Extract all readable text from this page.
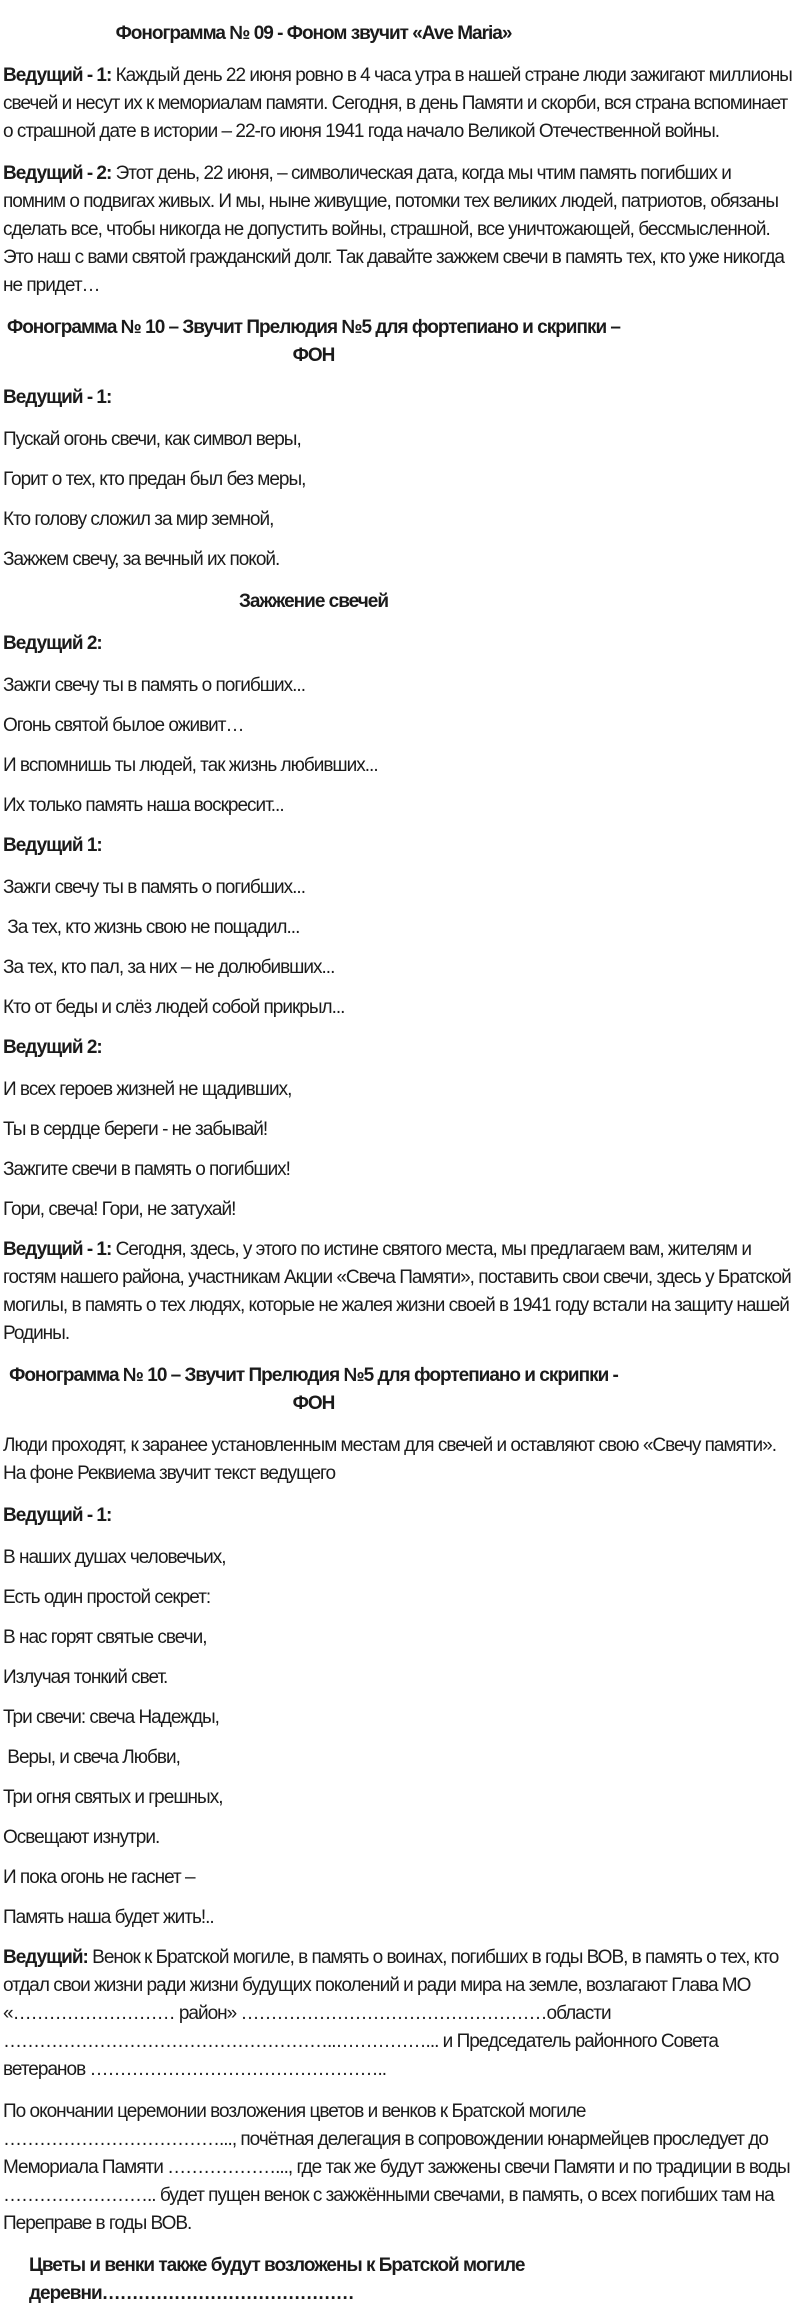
Фонограмма № 09 - Фоном звучит «Ave Maria»

Ведущий - 1: Каждый день 22 июня ровно в 4 часа утра в нашей стране люди зажигают миллионы свечей и несут их к мемориалам памяти. Сегодня, в день Памяти и скорби, вся страна вспоминает о страшной дате в истории – 22-го июня 1941 года начало Великой Отечественной войны.

Ведущий - 2: Этот день, 22 июня, – символическая дата, когда мы чтим память погибших и помним о подвигах живых. И мы, ныне живущие, потомки тех великих людей, патриотов, обязаны сделать все, чтобы никогда не допустить войны, страшной, все уничтожающей, бессмысленной. Это наш с вами святой гражданский долг. Так давайте зажжем свечи в память тех, кто уже никогда не придет…

Фонограмма № 10 – Звучит Прелюдия №5 для фортепиано и скрипки – ФОН

Ведущий - 1:

Пускай огонь свечи, как символ веры,

Горит о тех, кто предан был без меры,

Кто голову сложил за мир земной,

Зажжем свечу, за вечный их покой.

Зажжение свечей

Ведущий 2:

Зажги свечу ты в память о погибших...

Огонь святой былое оживит…

И вспомнишь ты людей, так жизнь любивших...

Их только память наша воскресит...

Ведущий 1:

Зажги свечу ты в память о погибших...

За тех, кто жизнь свою не пощадил...

За тех, кто пал, за них – не долюбивших...

Кто от беды и слёз людей собой прикрыл...

Ведущий 2:

И всех героев жизней не щадивших,

Ты в сердце береги - не забывай!

Зажгите свечи в память о погибших!

Гори, свеча! Гори, не затухай!

Ведущий - 1: Сегодня, здесь, у этого по истине святого места, мы предлагаем вам, жителям и гостям нашего района, участникам Акции «Свеча Памяти», поставить свои свечи, здесь у Братской могилы, в память о тех людях, которые не жалея жизни своей в 1941 году встали на защиту нашей Родины.

Фонограмма № 10 – Звучит Прелюдия №5 для фортепиано и скрипки - ФОН

Люди проходят, к заранее установленным местам для свечей и оставляют свою «Свечу памяти». На фоне Реквиема звучит текст ведущего

Ведущий - 1:

В наших душах человечьих,

Есть один простой секрет:

В нас горят святые свечи,

Излучая тонкий свет.

Три свечи: свеча Надежды,

Веры, и свеча Любви,

Три огня святых и грешных,

Освещают изнутри.

И пока огонь не гаснет –

Память наша будет жить!..

Ведущий: Венок к Братской могиле, в память о воинах, погибших в годы ВОВ, в память о тех, кто отдал свои жизни ради жизни будущих поколений и ради мира на земле, возлагают Глава МО «……………………… район» ……………………………………………области ………………………………………………..……………... и Председатель районного Совета ветеранов …………………………………………..

По окончании церемонии возложения цветов и венков к Братской могиле ………………………………..., почётная делегация в сопровождении юнармейцев проследует до Мемориала Памяти ………………..., где так же будут зажжены свечи Памяти и по традиции в воды …………………….. будет пущен венок с зажжёнными свечами, в память, о всех погибших там на Переправе в годы ВОВ.

Цветы и венки также будут возложены к Братской могиле деревни……………………………………
